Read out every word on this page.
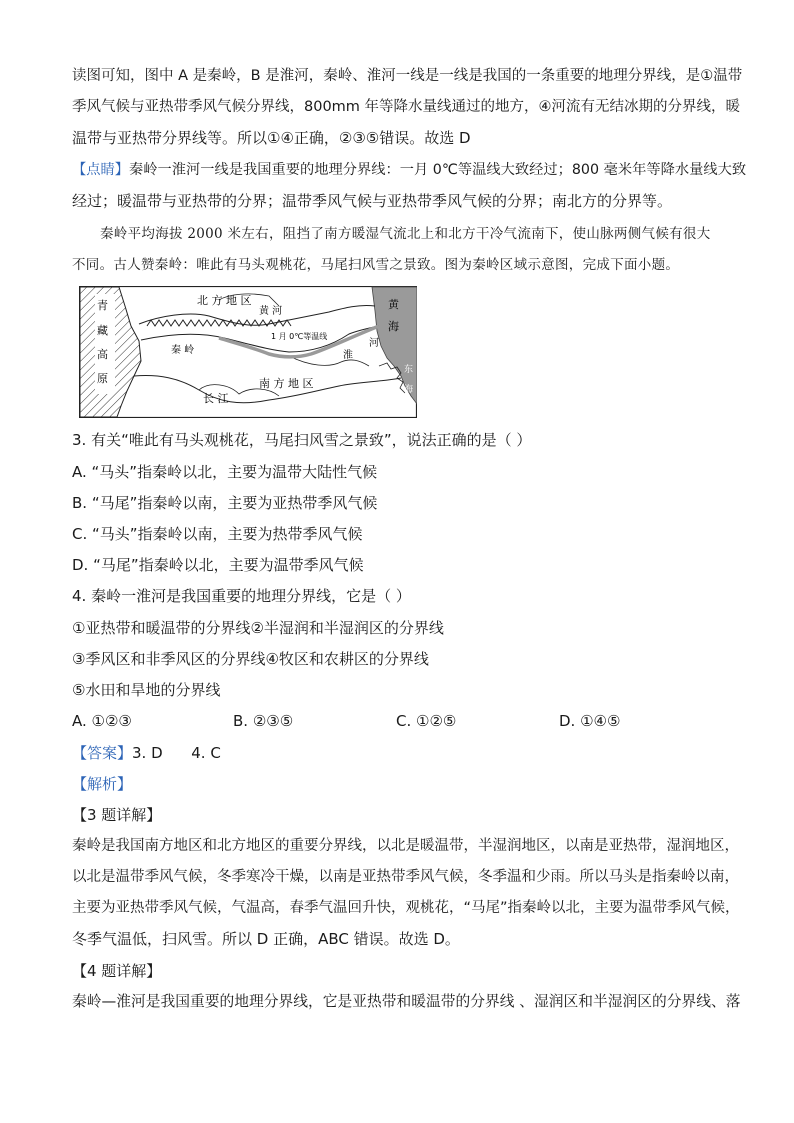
读图可知，图中 A 是秦岭，B 是淮河，秦岭、淮河一线是一线是我国的一条重要的地理分界线，是①温带
季风气候与亚热带季风气候分界线，800mm 年等降水量线通过的地方，④河流有无结冰期的分界线，暖
温带与亚热带分界线等。所以①④正确，②③⑤错误。故选 D
【点睛】秦岭一淮河一线是我国重要的地理分界线：一月 0℃等温线大致经过；800 毫米年等降水量线大致
经过；暖温带与亚热带的分界；温带季风气候与亚热带季风气候的分界；南北方的分界等。
秦岭平均海拔 2000 米左右，阻挡了南方暖湿气流北上和北方干冷气流南下，使山脉两侧气候有很大
不同。古人赞秦岭：唯此有马头观桃花，马尾扫风雪之景致。图为秦岭区域示意图，完成下面小题。
青
藏
高
原
北 方 地 区
黄 河
黄
海
1 月 0℃等温线
秦 岭	淮
河
南 方 地 区
长 江
东
海
3. 有关“唯此有马头观桃花，马尾扫风雪之景致”，说法正确的是（ ）
A. “马头”指秦岭以北，主要为温带大陆性气候
B. “马尾”指秦岭以南，主要为亚热带季风气候
C. “马头”指秦岭以南，主要为热带季风气候
D. “马尾”指秦岭以北，主要为温带季风气候
4. 秦岭一淮河是我国重要的地理分界线，它是（ ）
①亚热带和暖温带的分界线②半湿润和半湿润区的分界线
③季风区和非季风区的分界线④牧区和农耕区的分界线
⑤水田和旱地的分界线
A. ①②③	B. ②③⑤	C. ①②⑤	D. ①④⑤
【答案】3. D      4. C
【解析】
【3 题详解】
秦岭是我国南方地区和北方地区的重要分界线，以北是暖温带，半湿润地区，以南是亚热带，湿润地区，
以北是温带季风气候，冬季寒冷干燥，以南是亚热带季风气候，冬季温和少雨。所以马头是指秦岭以南，
主要为亚热带季风气候，气温高，春季气温回升快，观桃花，“马尾”指秦岭以北，主要为温带季风气候，
冬季气温低，扫风雪。所以 D 正确，ABC 错误。故选 D。
【4 题详解】
秦岭—淮河是我国重要的地理分界线，它是亚热带和暖温带的分界线 、湿润区和半湿润区的分界线、落
